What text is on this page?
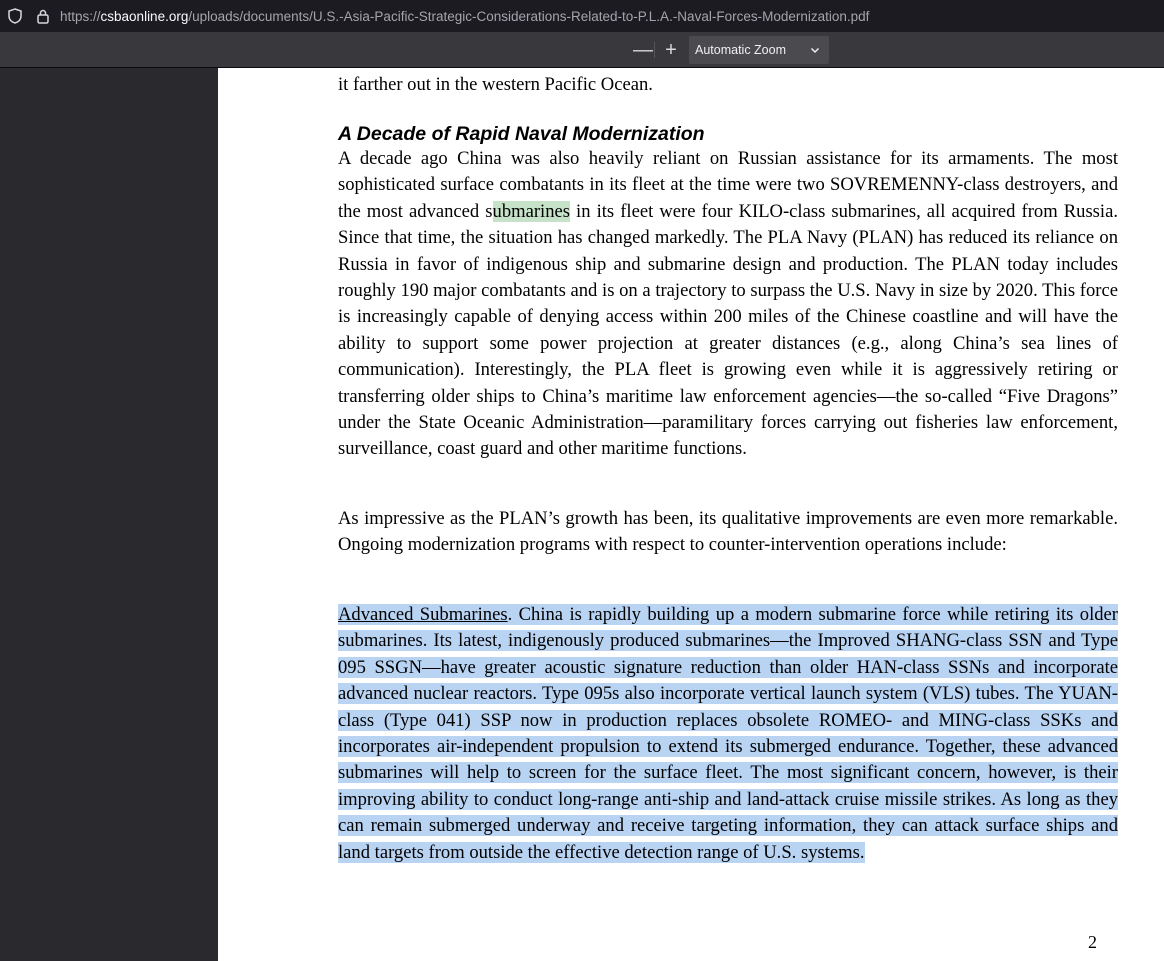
https://csbaonline.org/uploads/documents/U.S.-Asia-Pacific-Strategic-Considerations-Related-to-P.L.A.-Naval-Forces-Modernization.pdf
— +	Automatic Zoom
it farther out in the western Pacific Ocean.
A Decade of Rapid Naval Modernization
A decade ago China was also heavily reliant on Russian assistance for its armaments. The most sophisticated surface combatants in its fleet at the time were two SOVREMENNY-class destroyers, and the most advanced submarines in its fleet were four KILO-class submarines, all acquired from Russia. Since that time, the situation has changed markedly. The PLA Navy (PLAN) has reduced its reliance on Russia in favor of indigenous ship and submarine design and production. The PLAN today includes roughly 190 major combatants and is on a trajectory to surpass the U.S. Navy in size by 2020. This force is increasingly capable of denying access within 200 miles of the Chinese coastline and will have the ability to support some power projection at greater distances (e.g., along China’s sea lines of communication). Interestingly, the PLA fleet is growing even while it is aggressively retiring or transferring older ships to China’s maritime law enforcement agencies—the so-called “Five Dragons” under the State Oceanic Administration—paramilitary forces carrying out fisheries law enforcement, surveillance, coast guard and other maritime functions.
As impressive as the PLAN’s growth has been, its qualitative improvements are even more remarkable. Ongoing modernization programs with respect to counter-intervention operations include:
Advanced Submarines. China is rapidly building up a modern submarine force while retiring its older submarines. Its latest, indigenously produced submarines—the Improved SHANG-class SSN and Type 095 SSGN—have greater acoustic signature reduction than older HAN-class SSNs and incorporate advanced nuclear reactors. Type 095s also incorporate vertical launch system (VLS) tubes. The YUAN-class (Type 041) SSP now in production replaces obsolete ROMEO- and MING-class SSKs and incorporates air-independent propulsion to extend its submerged endurance. Together, these advanced submarines will help to screen for the surface fleet. The most significant concern, however, is their improving ability to conduct long-range anti-ship and land-attack cruise missile strikes. As long as they can remain submerged underway and receive targeting information, they can attack surface ships and land targets from outside the effective detection range of U.S. systems.
2
